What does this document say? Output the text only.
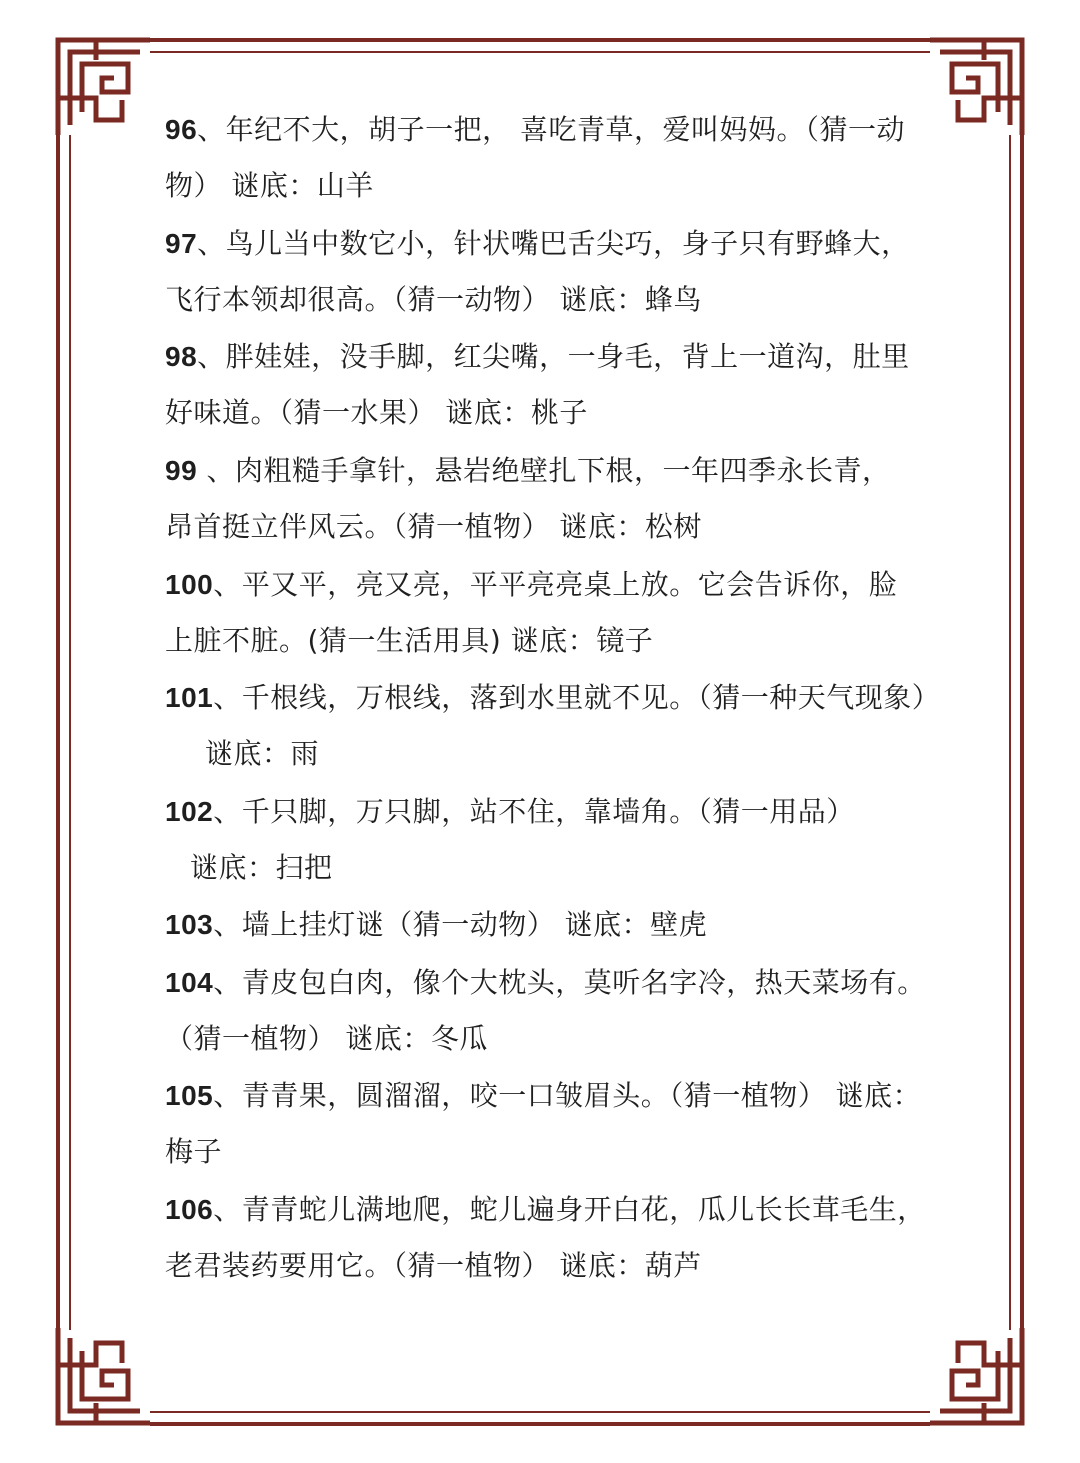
96、年纪不大，胡子一把， 喜吃青草，爱叫妈妈。（猜一动
物） 谜底：山羊
97、鸟儿当中数它小，针状嘴巴舌尖巧，身子只有野蜂大，
飞行本领却很高。（猜一动物） 谜底：蜂鸟
98、胖娃娃，没手脚，红尖嘴，一身毛，背上一道沟，肚里
好味道。（猜一水果） 谜底：桃子
99 、肉粗糙手拿针，悬岩绝壁扎下根，一年四季永长青，
昂首挺立伴风云。（猜一植物） 谜底：松树
100、平又平，亮又亮，平平亮亮桌上放。它会告诉你，脸
上脏不脏。(猜一生活用具) 谜底：镜子
101、千根线，万根线，落到水里就不见。（猜一种天气现象）
谜底：雨
102、千只脚，万只脚，站不住，靠墙角。（猜一用品）
谜底：扫把
103、墙上挂灯谜（猜一动物） 谜底：壁虎
104、青皮包白肉，像个大枕头，莫听名字冷，热天菜场有。
（猜一植物） 谜底：冬瓜
105、青青果，圆溜溜，咬一口皱眉头。（猜一植物） 谜底：
梅子
106、青青蛇儿满地爬，蛇儿遍身开白花，瓜儿长长茸毛生，
老君装药要用它。（猜一植物） 谜底：葫芦
